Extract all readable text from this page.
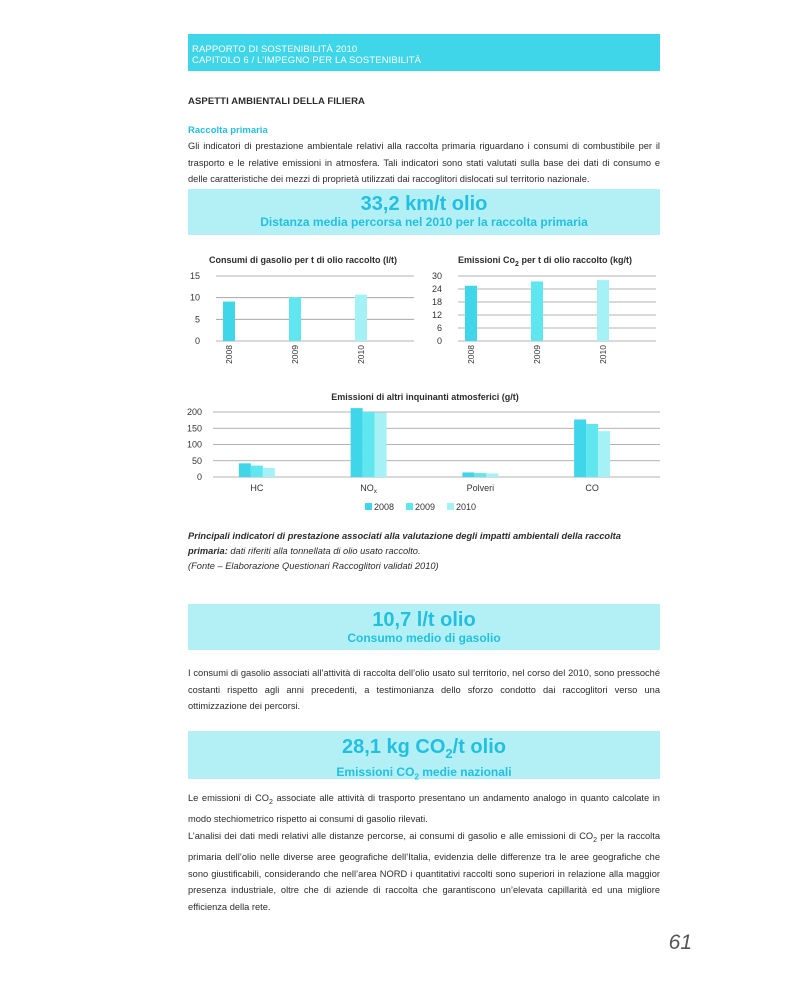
RAPPORTO DI SOSTENIBILITÀ 2010
CAPITOLO 6 / L’IMPEGNO PER LA SOSTENIBILITÀ
ASPETTI AMBIENTALI DELLA FILIERA
Raccolta primaria

Gli indicatori di prestazione ambientale relativi alla raccolta primaria riguardano i consumi di combustibile per il trasporto e le relative emissioni in atmosfera. Tali indicatori sono stati valutati sulla base dei dati di consumo e delle caratteristiche dei mezzi di proprietà utilizzati dai raccoglitori dislocati sul territorio nazionale.

33,2 km/t olio
Distanza media percorsa nel 2010 per la raccolta primaria
Consumi di gasolio per t di olio raccolto (l/t)
15
10
5
0
2008	2009	2010
Emissioni $Co_2$ per t di olio raccolto (kg/t)
30
24
18
12
6
0
2008	2009	2010
Emissioni di altri inquinanti atmosferici (g/t)
200
150
100
50
0
HC	$NO_x$	Polveri	CO
2008 2009 2010
Principali indicatori di prestazione associati alla valutazione degli impatti ambientali della raccolta primaria: dati riferiti alla tonnellata di olio usato raccolto.
(Fonte – Elaborazione Questionari Raccoglitori validati 2010)
10,7 l/t olio
Consumo medio di gasolio

I consumi di gasolio associati all’attività di raccolta dell’olio usato sul territorio, nel corso del 2010, sono pressoché costanti rispetto agli anni precedenti, a testimonianza dello sforzo condotto dai raccoglitori verso una ottimizzazione dei percorsi.

28,1 kg $CO_2/t$ olio
Emissioni $CO_2$ medie nazionali

Le emissioni di $CO_2$ associate alle attività di trasporto presentano un andamento analogo in quanto calcolate in modo stechiometrico rispetto ai consumi di gasolio rilevati.

L’analisi dei dati medi relativi alle distanze percorse, ai consumi di gasolio e alle emissioni di $CO_2$ per la raccolta primaria dell’olio nelle diverse aree geografiche dell’Italia, evidenzia delle differenze tra le aree geografiche che sono giustificabili, considerando che nell’area NORD i quantitativi raccolti sono superiori in relazione alla maggior presenza industriale, oltre che di aziende di raccolta che garantiscono un’elevata capillarità ed una migliore efficienza della rete.

61
